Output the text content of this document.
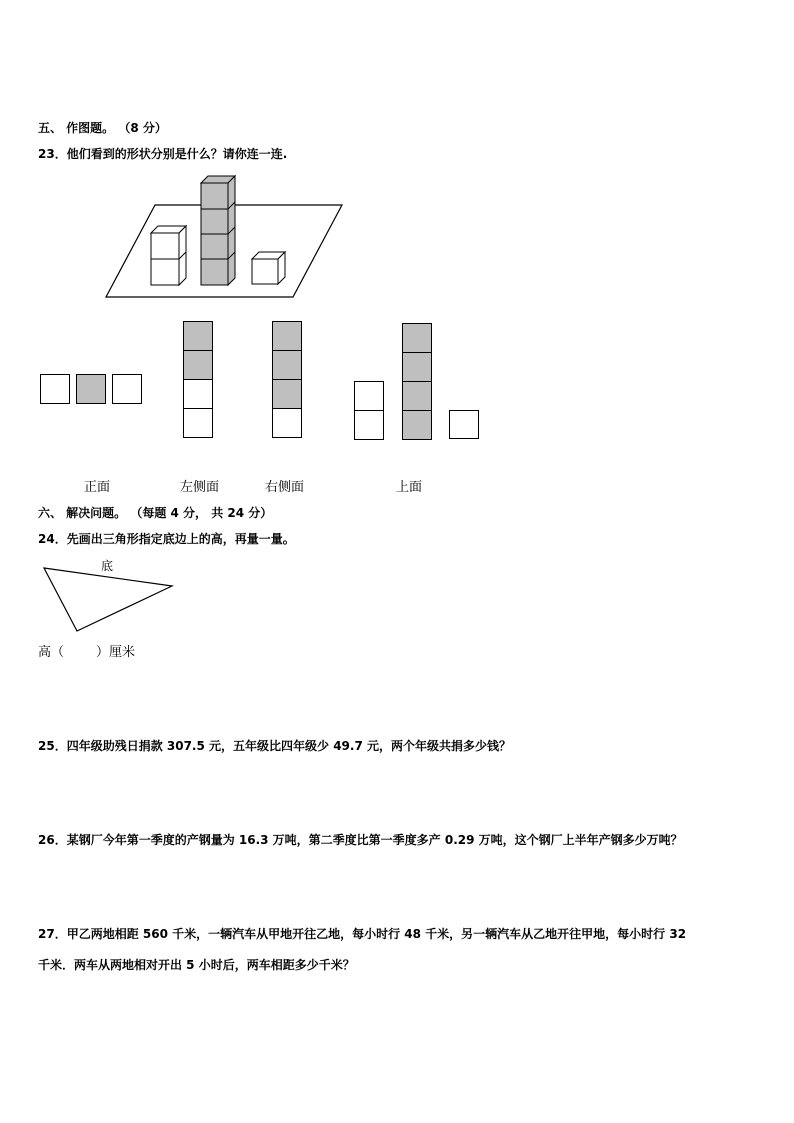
五、 作图题。 （8 分）
23．他们看到的形状分别是什么？请你连一连.
正面	左侧面	右侧面	上面
六、 解决问题。 （每题 4 分， 共 24 分）
24．先画出三角形指定底边上的高，再量一量。
底
高（ ）厘米
25．四年级助残日捐款 307.5 元，五年级比四年级少 49.7 元，两个年级共捐多少钱？
26．某钢厂今年第一季度的产钢量为 16.3 万吨，第二季度比第一季度多产 0.29 万吨，这个钢厂上半年产钢多少万吨？
27．甲乙两地相距 560 千米，一辆汽车从甲地开往乙地，每小时行 48 千米，另一辆汽车从乙地开往甲地，每小时行 32
千米．两车从两地相对开出 5 小时后，两车相距多少千米？
